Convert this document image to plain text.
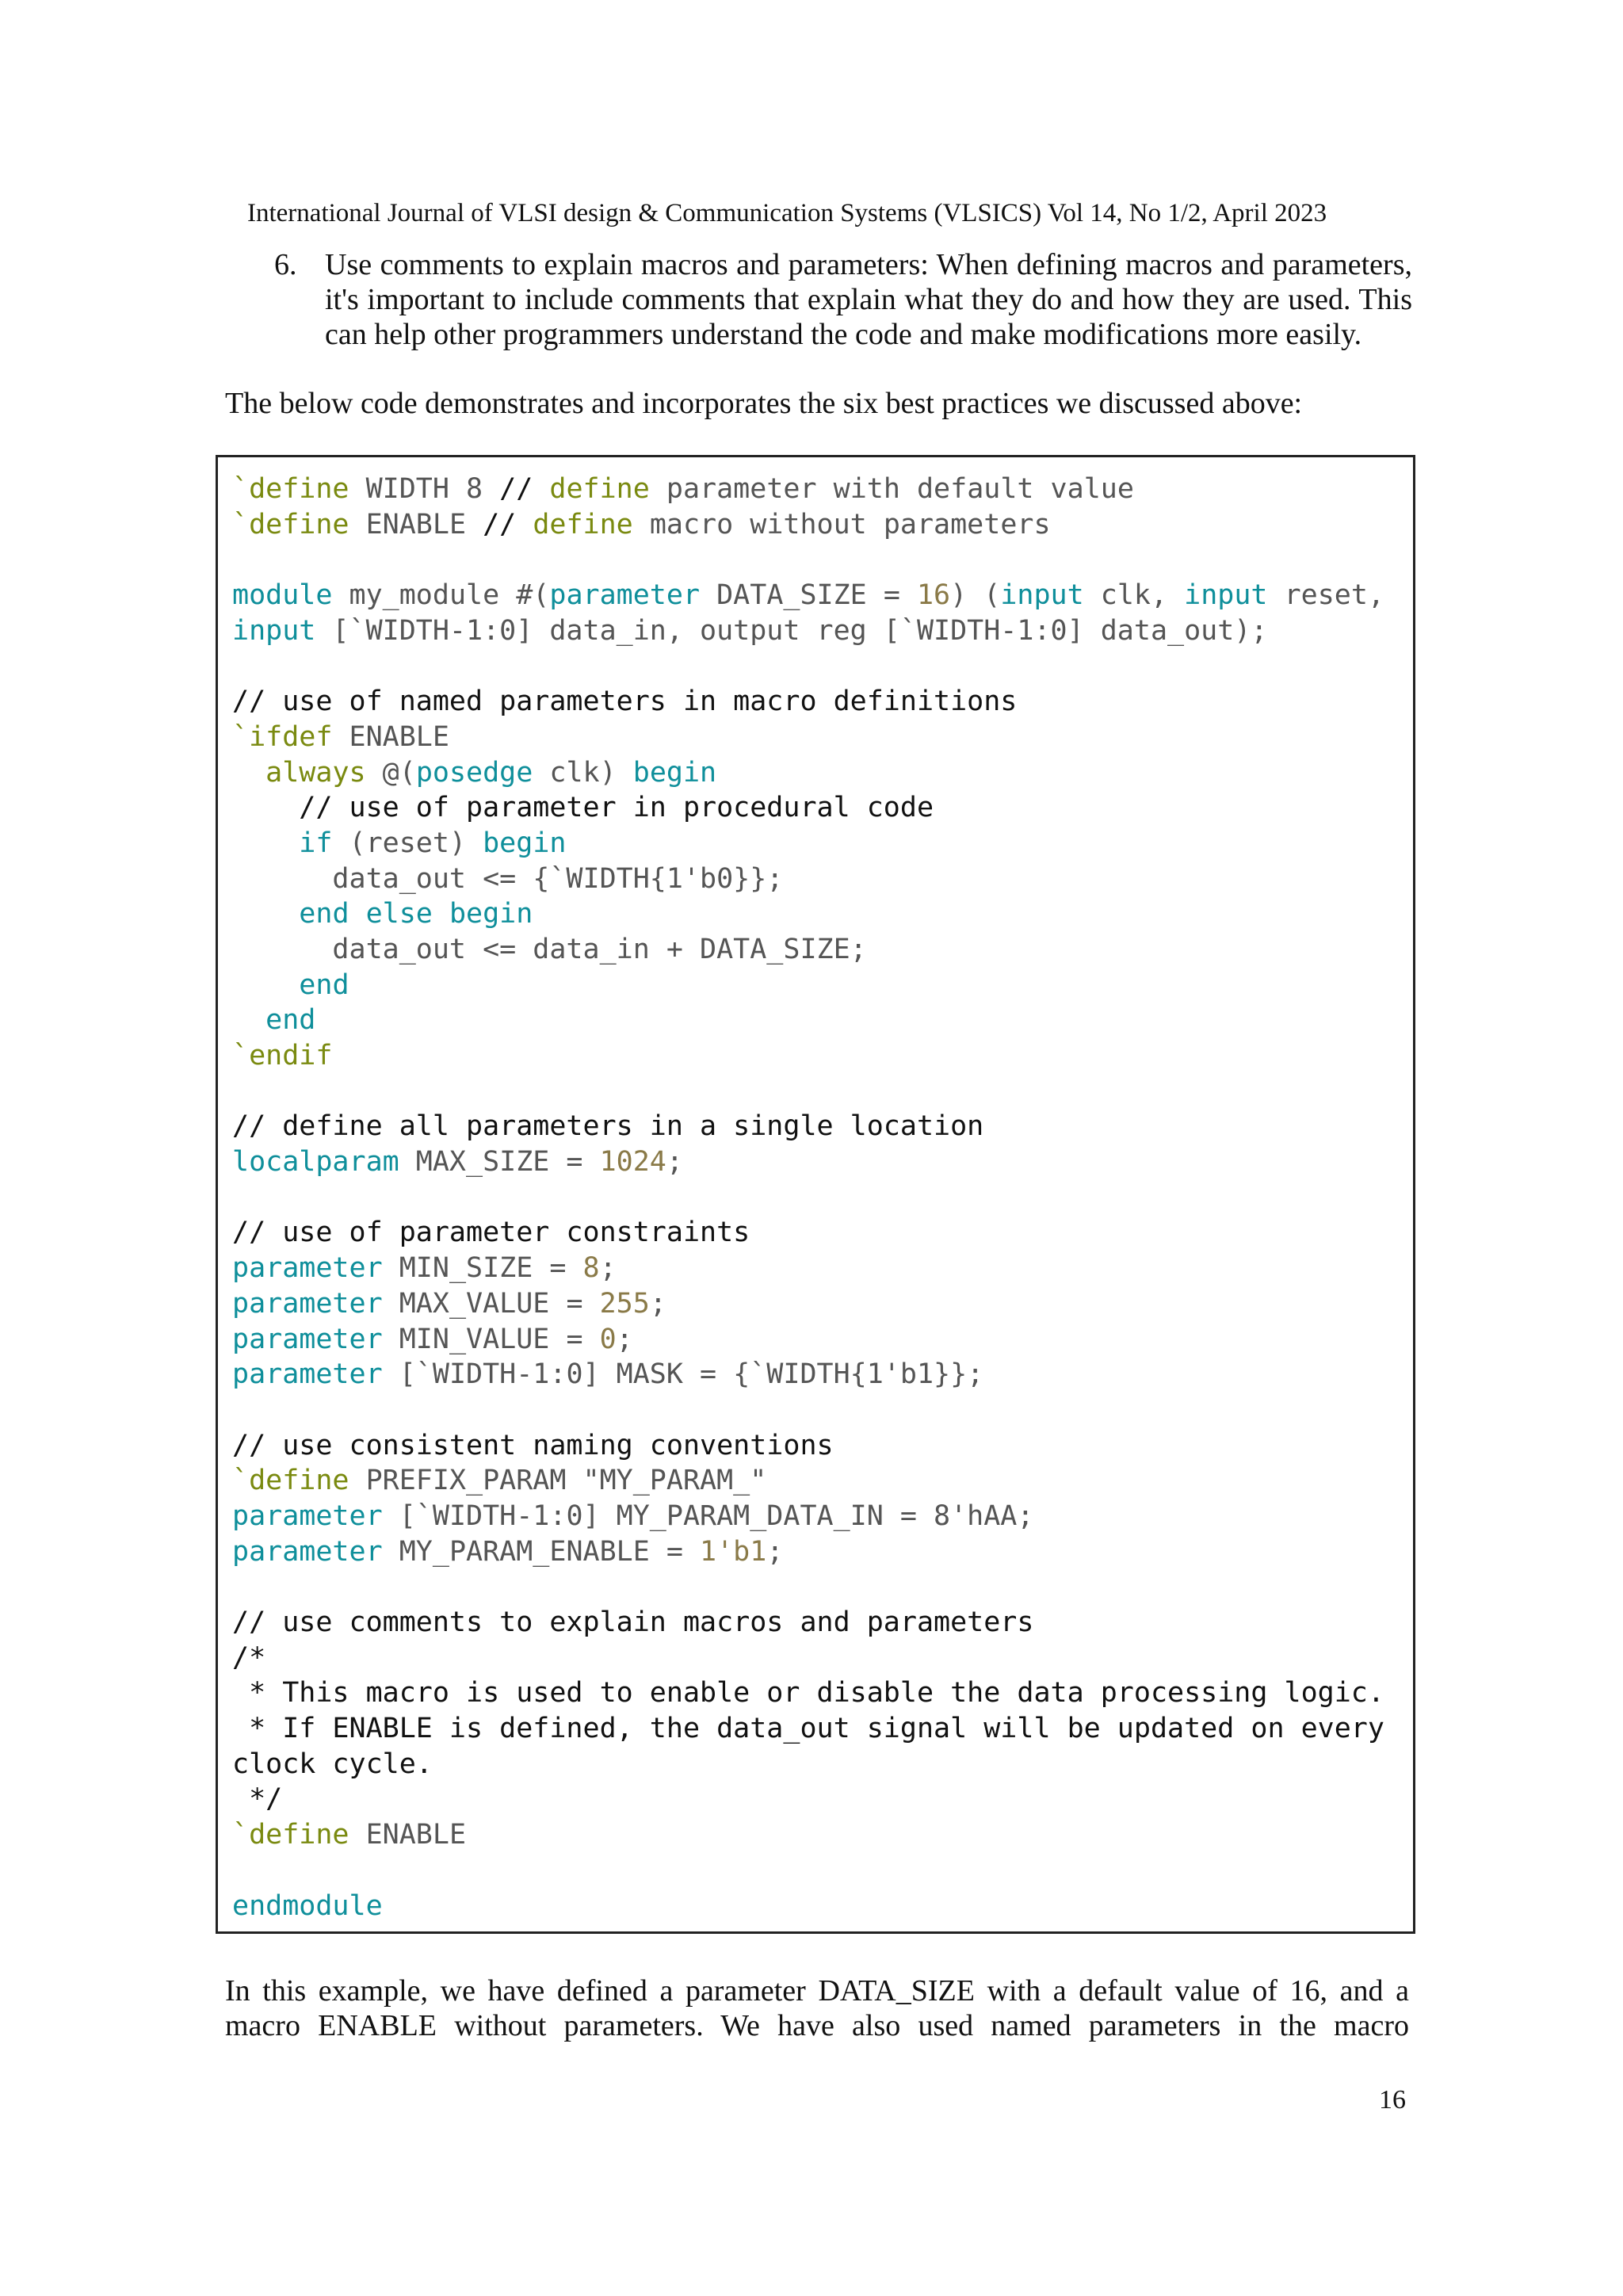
International Journal of VLSI design & Communication Systems (VLSICS) Vol 14, No 1/2, April 2023
6. Use comments to explain macros and parameters: When defining macros and parameters, it's important to include comments that explain what they do and how they are used. This can help other programmers understand the code and make modifications more easily.
The below code demonstrates and incorporates the six best practices we discussed above:
`define WIDTH 8 // define parameter with default value
`define ENABLE // define macro without parameters
module my_module #(parameter DATA_SIZE = 16) (input clk, input reset,
input [`WIDTH-1:0] data_in, output reg [`WIDTH-1:0] data_out);
// use of named parameters in macro definitions
`ifdef ENABLE
always @(posedge clk) begin
// use of parameter in procedural code
if (reset) begin
data_out <= {`WIDTH{1'b0}};
end else begin
data_out <= data_in + DATA_SIZE;
end
end
`endif
// define all parameters in a single location
localparam MAX_SIZE = 1024;
// use of parameter constraints
parameter MIN_SIZE = 8;
parameter MAX_VALUE = 255;
parameter MIN_VALUE = 0;
parameter [`WIDTH-1:0] MASK = {`WIDTH{1'b1}};
// use consistent naming conventions
`define PREFIX_PARAM "MY_PARAM_"
parameter [`WIDTH-1:0] MY_PARAM_DATA_IN = 8'hAA;
parameter MY_PARAM_ENABLE = 1'b1;
// use comments to explain macros and parameters
/*
* This macro is used to enable or disable the data processing logic.
* If ENABLE is defined, the data_out signal will be updated on every
clock cycle.
*/
`define ENABLE
endmodule
In this example, we have defined a parameter DATA_SIZE with a default value of 16, and a
macro ENABLE without parameters. We have also used named parameters in the macro
16
